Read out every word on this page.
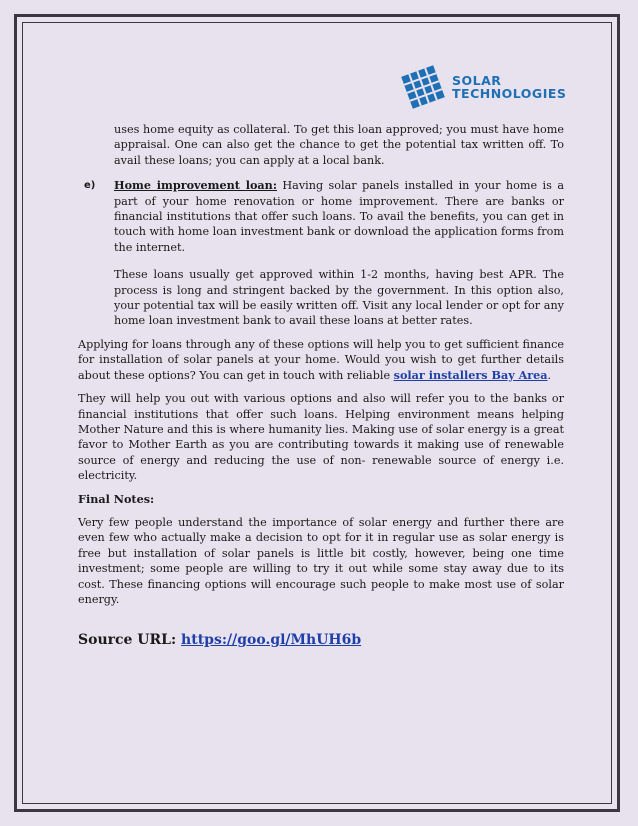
SOLAR
TECHNOLOGIES

uses home equity as collateral. To get this loan approved; you must have home appraisal. One can also get the chance to get the potential tax written off. To avail these loans; you can apply at a local bank.

e) Home improvement loan: Having solar panels installed in your home is a part of your home renovation or home improvement. There are banks or financial institutions that offer such loans. To avail the benefits, you can get in touch with home loan investment bank or download the application forms from the internet.

These loans usually get approved within 1-2 months, having best APR. The process is long and stringent backed by the government. In this option also, your potential tax will be easily written off. Visit any local lender or opt for any home loan investment bank to avail these loans at better rates.

Applying for loans through any of these options will help you to get sufficient finance for installation of solar panels at your home. Would you wish to get further details about these options? You can get in touch with reliable solar installers Bay Area.

They will help you out with various options and also will refer you to the banks or financial institutions that offer such loans. Helping environment means helping Mother Nature and this is where humanity lies. Making use of solar energy is a great favor to Mother Earth as you are contributing towards it making use of renewable source of energy and reducing the use of non- renewable source of energy i.e. electricity.

Final Notes:

Very few people understand the importance of solar energy and further there are even few who actually make a decision to opt for it in regular use as solar energy is free but installation of solar panels is little bit costly, however, being one time investment; some people are willing to try it out while some stay away due to its cost. These financing options will encourage such people to make most use of solar energy.

Source URL: https://goo.gl/MhUH6b
